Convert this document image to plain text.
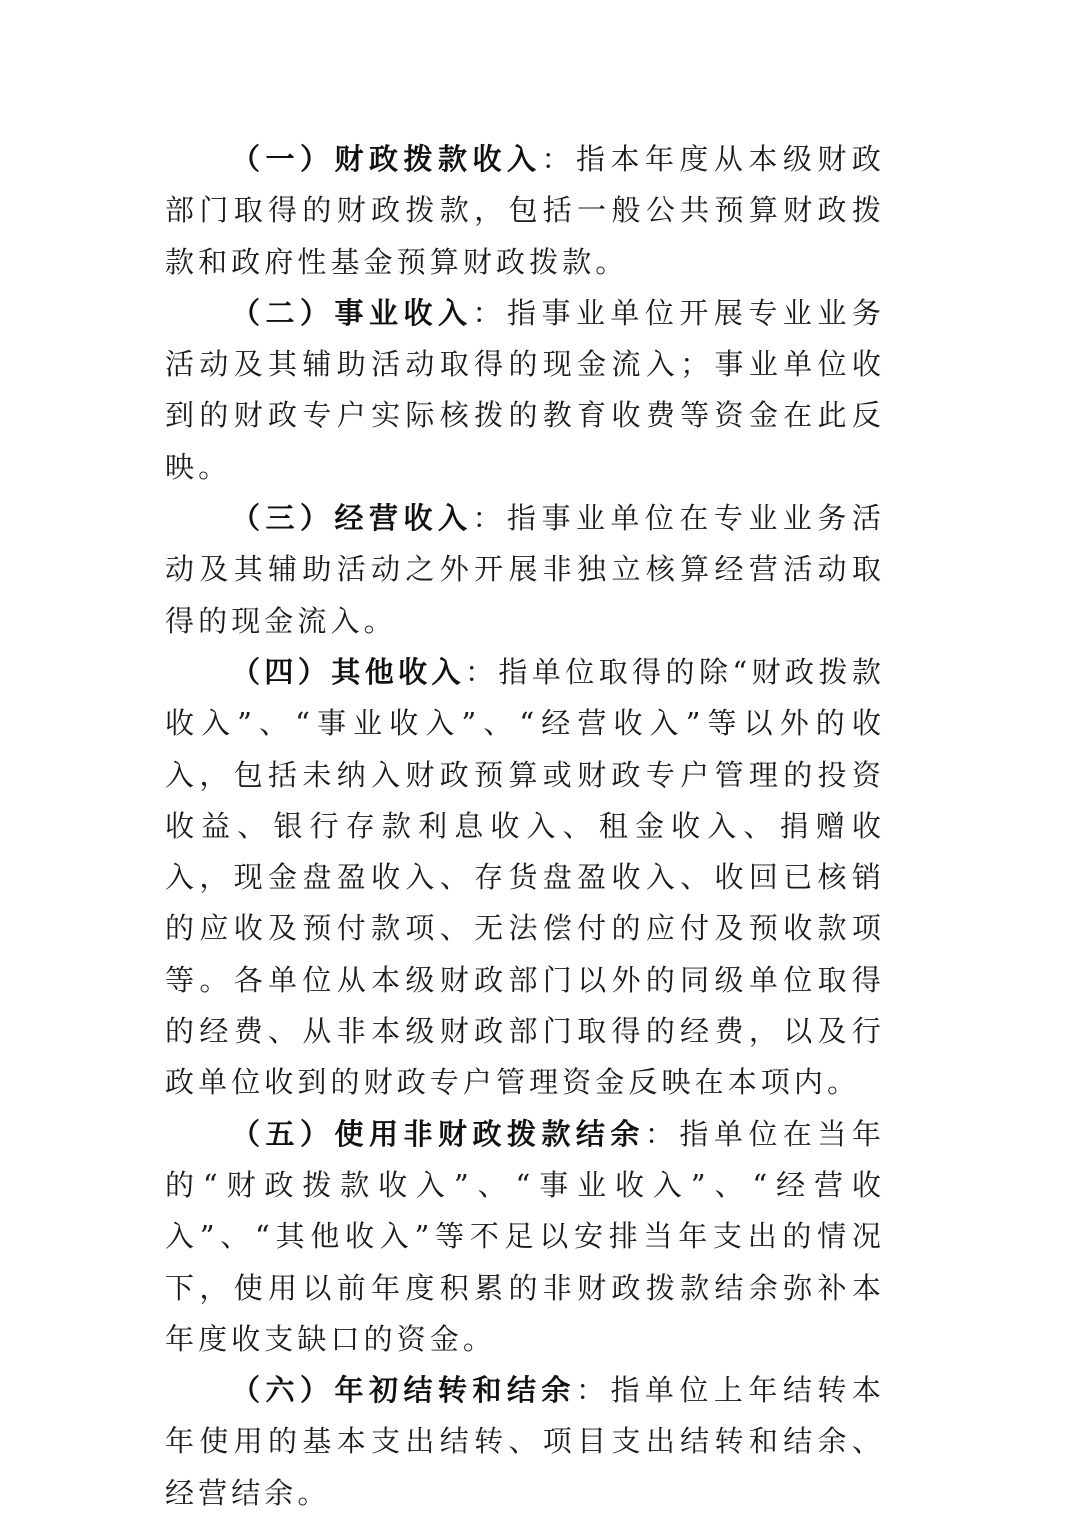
（一）财政拨款收入：指本年度从本级财政部门取得的财政拨款，包括一般公共预算财政拨款和政府性基金预算财政拨款。

（二）事业收入：指事业单位开展专业业务活动及其辅助活动取得的现金流入；事业单位收到的财政专户实际核拨的教育收费等资金在此反映。

（三）经营收入：指事业单位在专业业务活动及其辅助活动之外开展非独立核算经营活动取得的现金流入。

（四）其他收入：指单位取得的除“财政拨款收入”、“事业收入”、“经营收入”等以外的收入，包括未纳入财政预算或财政专户管理的投资收益、银行存款利息收入、租金收入、捐赠收入，现金盘盈收入、存货盘盈收入、收回已核销的应收及预付款项、无法偿付的应付及预收款项等。各单位从本级财政部门以外的同级单位取得的经费、从非本级财政部门取得的经费，以及行政单位收到的财政专户管理资金反映在本项内。

（五）使用非财政拨款结余：指单位在当年的“财政拨款收入”、“事业收入”、“经营收入”、“其他收入”等不足以安排当年支出的情况下，使用以前年度积累的非财政拨款结余弥补本年度收支缺口的资金。

（六）年初结转和结余：指单位上年结转本年使用的基本支出结转、项目支出结转和结余、经营结余。
